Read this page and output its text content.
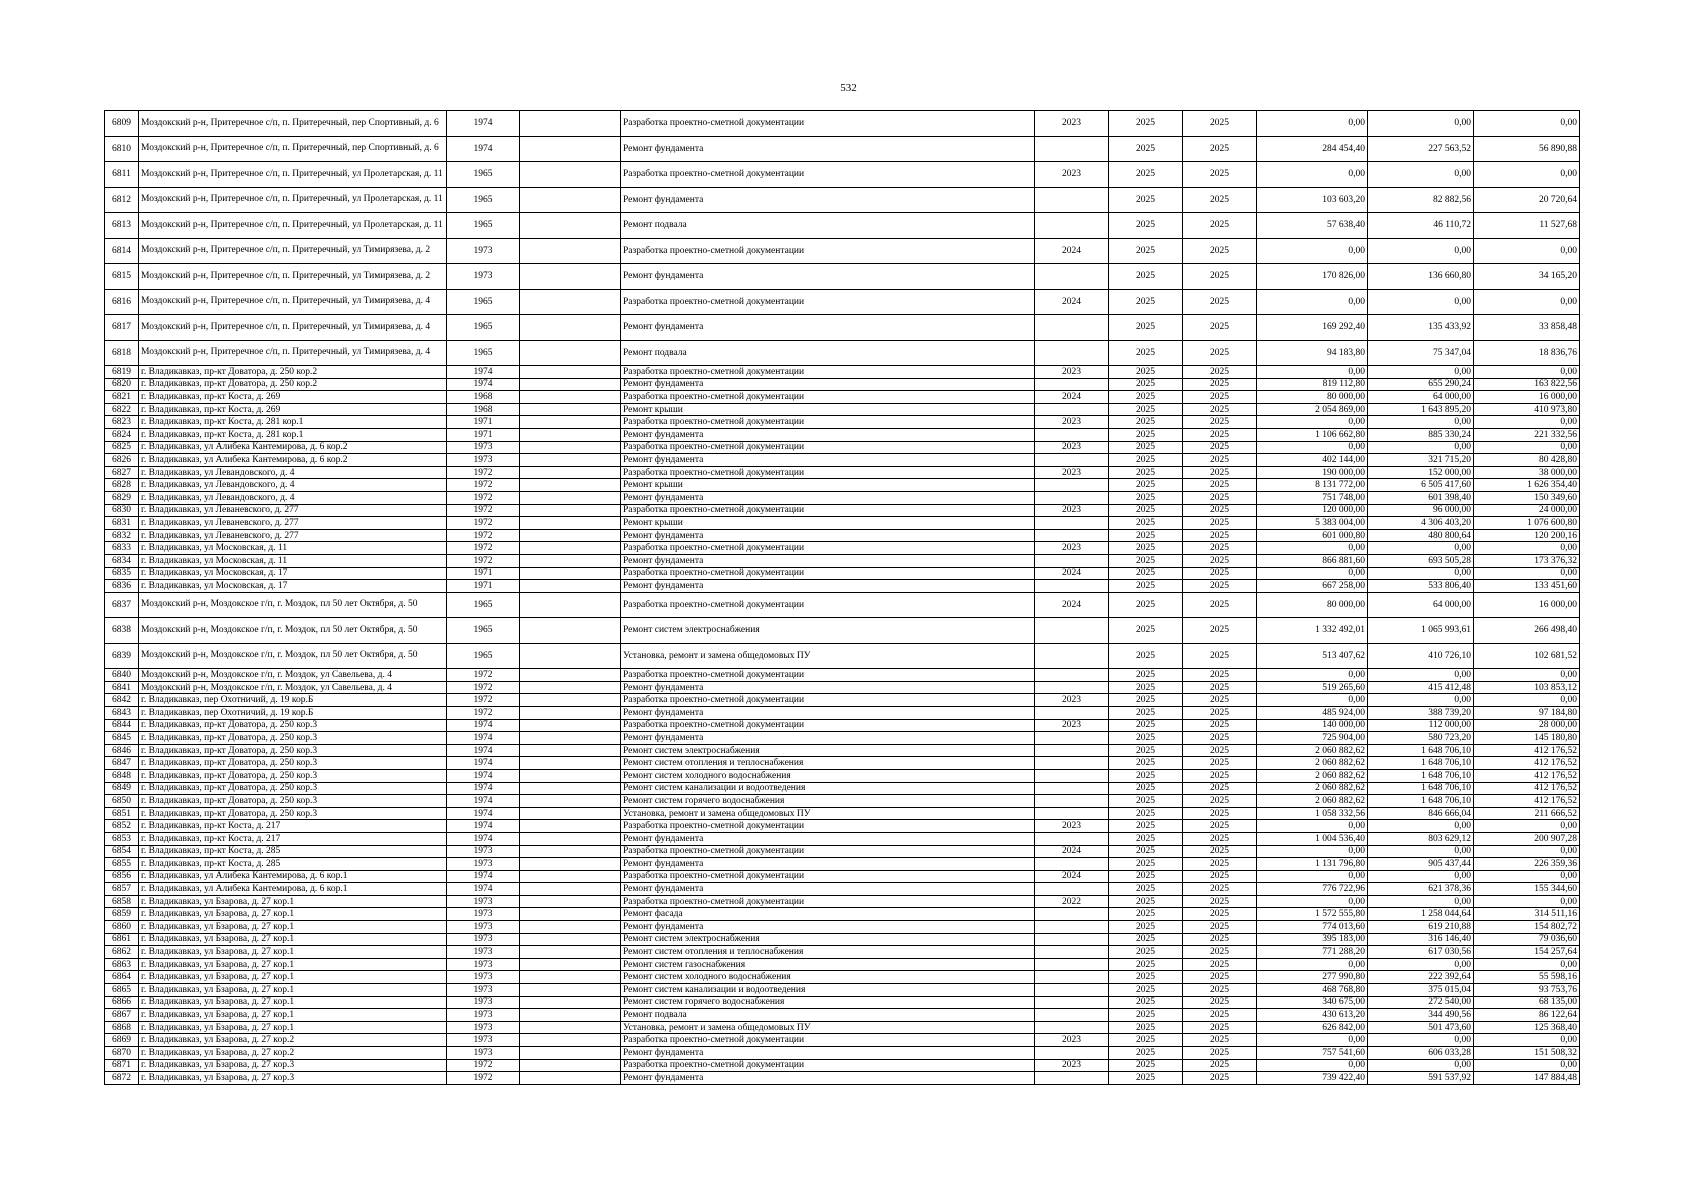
532
6809	Моздокский р-н, Притеречное с/п, п. Притеречный, пер Спортивный, д. 6	1974		Разработка проектно-сметной документации	2023	2025	2025	0,00	0,00	0,00
6810	Моздокский р-н, Притеречное с/п, п. Притеречный, пер Спортивный, д. 6	1974		Ремонт фундамента		2025	2025	284 454,40	227 563,52	56 890,88
6811	Моздокский р-н, Притеречное с/п, п. Притеречный, ул Пролетарская, д. 11	1965		Разработка проектно-сметной документации	2023	2025	2025	0,00	0,00	0,00
6812	Моздокский р-н, Притеречное с/п, п. Притеречный, ул Пролетарская, д. 11	1965		Ремонт фундамента		2025	2025	103 603,20	82 882,56	20 720,64
6813	Моздокский р-н, Притеречное с/п, п. Притеречный, ул Пролетарская, д. 11	1965		Ремонт подвала		2025	2025	57 638,40	46 110,72	11 527,68
6814	Моздокский р-н, Притеречное с/п, п. Притеречный, ул Тимирязева, д. 2	1973		Разработка проектно-сметной документации	2024	2025	2025	0,00	0,00	0,00
6815	Моздокский р-н, Притеречное с/п, п. Притеречный, ул Тимирязева, д. 2	1973		Ремонт фундамента		2025	2025	170 826,00	136 660,80	34 165,20
6816	Моздокский р-н, Притеречное с/п, п. Притеречный, ул Тимирязева, д. 4	1965		Разработка проектно-сметной документации	2024	2025	2025	0,00	0,00	0,00
6817	Моздокский р-н, Притеречное с/п, п. Притеречный, ул Тимирязева, д. 4	1965		Ремонт фундамента		2025	2025	169 292,40	135 433,92	33 858,48
6818	Моздокский р-н, Притеречное с/п, п. Притеречный, ул Тимирязева, д. 4	1965		Ремонт подвала		2025	2025	94 183,80	75 347,04	18 836,76
6819	г. Владикавказ, пр-кт Доватора, д. 250 кор.2	1974		Разработка проектно-сметной документации	2023	2025	2025	0,00	0,00	0,00
6820	г. Владикавказ, пр-кт Доватора, д. 250 кор.2	1974		Ремонт фундамента		2025	2025	819 112,80	655 290,24	163 822,56
6821	г. Владикавказ, пр-кт Коста, д. 269	1968		Разработка проектно-сметной документации	2024	2025	2025	80 000,00	64 000,00	16 000,00
6822	г. Владикавказ, пр-кт Коста, д. 269	1968		Ремонт крыши		2025	2025	2 054 869,00	1 643 895,20	410 973,80
6823	г. Владикавказ, пр-кт Коста, д. 281 кор.1	1971		Разработка проектно-сметной документации	2023	2025	2025	0,00	0,00	0,00
6824	г. Владикавказ, пр-кт Коста, д. 281 кор.1	1971		Ремонт фундамента		2025	2025	1 106 662,80	885 330,24	221 332,56
6825	г. Владикавказ, ул Алибека Кантемирова, д. 6 кор.2	1973		Разработка проектно-сметной документации	2023	2025	2025	0,00	0,00	0,00
6826	г. Владикавказ, ул Алибека Кантемирова, д. 6 кор.2	1973		Ремонт фундамента		2025	2025	402 144,00	321 715,20	80 428,80
6827	г. Владикавказ, ул Левандовского, д. 4	1972		Разработка проектно-сметной документации	2023	2025	2025	190 000,00	152 000,00	38 000,00
6828	г. Владикавказ, ул Левандовского, д. 4	1972		Ремонт крыши		2025	2025	8 131 772,00	6 505 417,60	1 626 354,40
6829	г. Владикавказ, ул Левандовского, д. 4	1972		Ремонт фундамента		2025	2025	751 748,00	601 398,40	150 349,60
6830	г. Владикавказ, ул Леваневского, д. 277	1972		Разработка проектно-сметной документации	2023	2025	2025	120 000,00	96 000,00	24 000,00
6831	г. Владикавказ, ул Леваневского, д. 277	1972		Ремонт крыши		2025	2025	5 383 004,00	4 306 403,20	1 076 600,80
6832	г. Владикавказ, ул Леваневского, д. 277	1972		Ремонт фундамента		2025	2025	601 000,80	480 800,64	120 200,16
6833	г. Владикавказ, ул Московская, д. 11	1972		Разработка проектно-сметной документации	2023	2025	2025	0,00	0,00	0,00
6834	г. Владикавказ, ул Московская, д. 11	1972		Ремонт фундамента		2025	2025	866 881,60	693 505,28	173 376,32
6835	г. Владикавказ, ул Московская, д. 17	1971		Разработка проектно-сметной документации	2024	2025	2025	0,00	0,00	0,00
6836	г. Владикавказ, ул Московская, д. 17	1971		Ремонт фундамента		2025	2025	667 258,00	533 806,40	133 451,60
6837	Моздокский р-н, Моздокское г/п, г. Моздок, пл 50 лет Октября, д. 50	1965		Разработка проектно-сметной документации	2024	2025	2025	80 000,00	64 000,00	16 000,00
6838	Моздокский р-н, Моздокское г/п, г. Моздок, пл 50 лет Октября, д. 50	1965		Ремонт систем электроснабжения		2025	2025	1 332 492,01	1 065 993,61	266 498,40
6839	Моздокский р-н, Моздокское г/п, г. Моздок, пл 50 лет Октября, д. 50	1965		Установка, ремонт и замена общедомовых ПУ		2025	2025	513 407,62	410 726,10	102 681,52
6840	Моздокский р-н, Моздокское г/п, г. Моздок, ул Савельева, д. 4	1972		Разработка проектно-сметной документации		2025	2025	0,00	0,00	0,00
6841	Моздокский р-н, Моздокское г/п, г. Моздок, ул Савельева, д. 4	1972		Ремонт фундамента		2025	2025	519 265,60	415 412,48	103 853,12
6842	г. Владикавказ, пер Охотничий, д. 19 кор.Б	1972		Разработка проектно-сметной документации	2023	2025	2025	0,00	0,00	0,00
6843	г. Владикавказ, пер Охотничий, д. 19 кор.Б	1972		Ремонт фундамента		2025	2025	485 924,00	388 739,20	97 184,80
6844	г. Владикавказ, пр-кт Доватора, д. 250 кор.3	1974		Разработка проектно-сметной документации	2023	2025	2025	140 000,00	112 000,00	28 000,00
6845	г. Владикавказ, пр-кт Доватора, д. 250 кор.3	1974		Ремонт фундамента		2025	2025	725 904,00	580 723,20	145 180,80
6846	г. Владикавказ, пр-кт Доватора, д. 250 кор.3	1974		Ремонт систем электроснабжения		2025	2025	2 060 882,62	1 648 706,10	412 176,52
6847	г. Владикавказ, пр-кт Доватора, д. 250 кор.3	1974		Ремонт систем отопления и теплоснабжения		2025	2025	2 060 882,62	1 648 706,10	412 176,52
6848	г. Владикавказ, пр-кт Доватора, д. 250 кор.3	1974		Ремонт систем холодного водоснабжения		2025	2025	2 060 882,62	1 648 706,10	412 176,52
6849	г. Владикавказ, пр-кт Доватора, д. 250 кор.3	1974		Ремонт систем канализации и водоотведения		2025	2025	2 060 882,62	1 648 706,10	412 176,52
6850	г. Владикавказ, пр-кт Доватора, д. 250 кор.3	1974		Ремонт систем горячего водоснабжения		2025	2025	2 060 882,62	1 648 706,10	412 176,52
6851	г. Владикавказ, пр-кт Доватора, д. 250 кор.3	1974		Установка, ремонт и замена общедомовых ПУ		2025	2025	1 058 332,56	846 666,04	211 666,52
6852	г. Владикавказ, пр-кт Коста, д. 217	1974		Разработка проектно-сметной документации	2023	2025	2025	0,00	0,00	0,00
6853	г. Владикавказ, пр-кт Коста, д. 217	1974		Ремонт фундамента		2025	2025	1 004 536,40	803 629,12	200 907,28
6854	г. Владикавказ, пр-кт Коста, д. 285	1973		Разработка проектно-сметной документации	2024	2025	2025	0,00	0,00	0,00
6855	г. Владикавказ, пр-кт Коста, д. 285	1973		Ремонт фундамента		2025	2025	1 131 796,80	905 437,44	226 359,36
6856	г. Владикавказ, ул Алибека Кантемирова, д. 6 кор.1	1974		Разработка проектно-сметной документации	2024	2025	2025	0,00	0,00	0,00
6857	г. Владикавказ, ул Алибека Кантемирова, д. 6 кор.1	1974		Ремонт фундамента		2025	2025	776 722,96	621 378,36	155 344,60
6858	г. Владикавказ, ул Бзарова, д. 27 кор.1	1973		Разработка проектно-сметной документации	2022	2025	2025	0,00	0,00	0,00
6859	г. Владикавказ, ул Бзарова, д. 27 кор.1	1973		Ремонт фасада		2025	2025	1 572 555,80	1 258 044,64	314 511,16
6860	г. Владикавказ, ул Бзарова, д. 27 кор.1	1973		Ремонт фундамента		2025	2025	774 013,60	619 210,88	154 802,72
6861	г. Владикавказ, ул Бзарова, д. 27 кор.1	1973		Ремонт систем электроснабжения		2025	2025	395 183,00	316 146,40	79 036,60
6862	г. Владикавказ, ул Бзарова, д. 27 кор.1	1973		Ремонт систем отопления и теплоснабжения		2025	2025	771 288,20	617 030,56	154 257,64
6863	г. Владикавказ, ул Бзарова, д. 27 кор.1	1973		Ремонт систем газоснабжения		2025	2025	0,00	0,00	0,00
6864	г. Владикавказ, ул Бзарова, д. 27 кор.1	1973		Ремонт систем холодного водоснабжения		2025	2025	277 990,80	222 392,64	55 598,16
6865	г. Владикавказ, ул Бзарова, д. 27 кор.1	1973		Ремонт систем канализации и водоотведения		2025	2025	468 768,80	375 015,04	93 753,76
6866	г. Владикавказ, ул Бзарова, д. 27 кор.1	1973		Ремонт систем горячего водоснабжения		2025	2025	340 675,00	272 540,00	68 135,00
6867	г. Владикавказ, ул Бзарова, д. 27 кор.1	1973		Ремонт подвала		2025	2025	430 613,20	344 490,56	86 122,64
6868	г. Владикавказ, ул Бзарова, д. 27 кор.1	1973		Установка, ремонт и замена общедомовых ПУ		2025	2025	626 842,00	501 473,60	125 368,40
6869	г. Владикавказ, ул Бзарова, д. 27 кор.2	1973		Разработка проектно-сметной документации	2023	2025	2025	0,00	0,00	0,00
6870	г. Владикавказ, ул Бзарова, д. 27 кор.2	1973		Ремонт фундамента		2025	2025	757 541,60	606 033,28	151 508,32
6871	г. Владикавказ, ул Бзарова, д. 27 кор.3	1972		Разработка проектно-сметной документации	2023	2025	2025	0,00	0,00	0,00
6872	г. Владикавказ, ул Бзарова, д. 27 кор.3	1972		Ремонт фундамента		2025	2025	739 422,40	591 537,92	147 884,48
